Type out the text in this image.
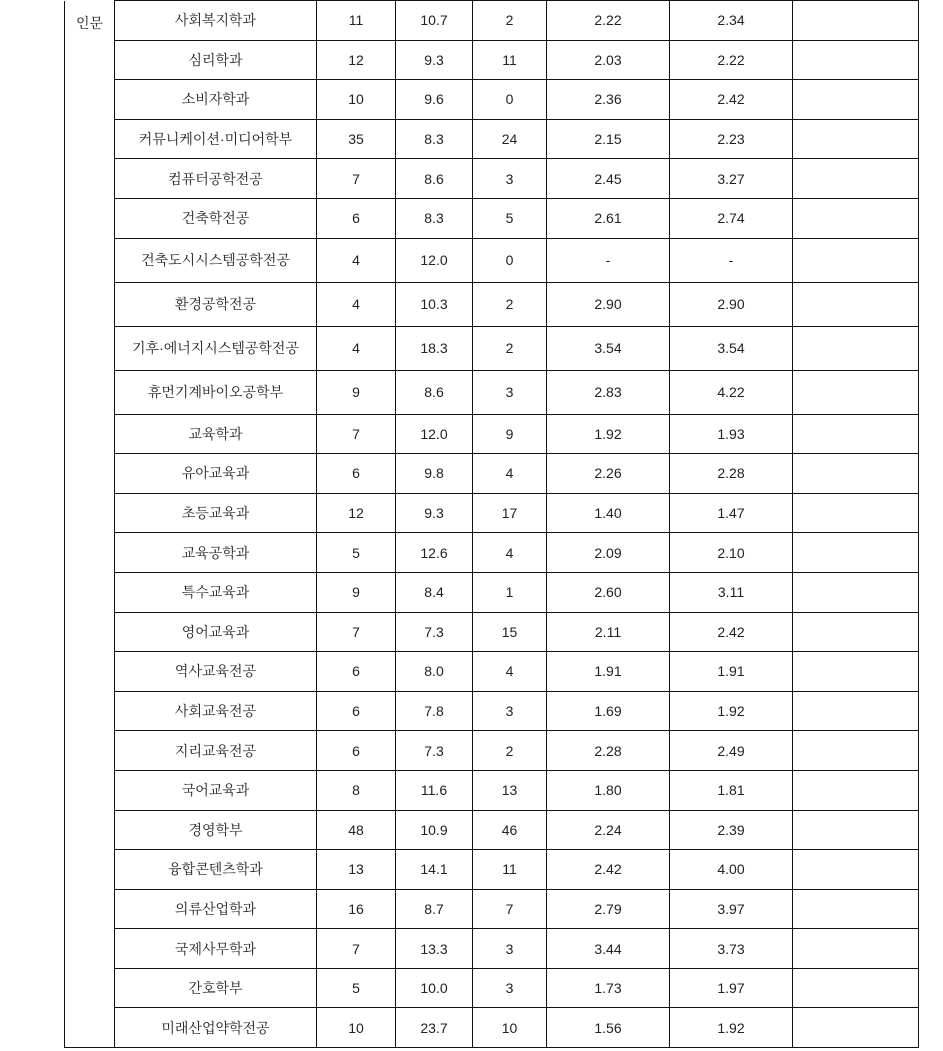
인문	사회복지학과	11	10.7	2	2.22	2.34	
	심리학과	12	9.3	11	2.03	2.22	
	소비자학과	10	9.6	0	2.36	2.42	
	커뮤니케이션·미디어학부	35	8.3	24	2.15	2.23	
	컴퓨터공학전공	7	8.6	3	2.45	3.27	
	건축학전공	6	8.3	5	2.61	2.74	
	건축도시시스템공학전공	4	12.0	0	-	-	
	환경공학전공	4	10.3	2	2.90	2.90	
	기후·에너지시스템공학전공	4	18.3	2	3.54	3.54	
	휴먼기계바이오공학부	9	8.6	3	2.83	4.22	
	교육학과	7	12.0	9	1.92	1.93	
	유아교육과	6	9.8	4	2.26	2.28	
	초등교육과	12	9.3	17	1.40	1.47	
	교육공학과	5	12.6	4	2.09	2.10	
	특수교육과	9	8.4	1	2.60	3.11	
	영어교육과	7	7.3	15	2.11	2.42	
	역사교육전공	6	8.0	4	1.91	1.91	
	사회교육전공	6	7.8	3	1.69	1.92	
	지리교육전공	6	7.3	2	2.28	2.49	
	국어교육과	8	11.6	13	1.80	1.81	
	경영학부	48	10.9	46	2.24	2.39	
	융합콘텐츠학과	13	14.1	11	2.42	4.00	
	의류산업학과	16	8.7	7	2.79	3.97	
	국제사무학과	7	13.3	3	3.44	3.73	
	간호학부	5	10.0	3	1.73	1.97	
	미래산업약학전공	10	23.7	10	1.56	1.92	
